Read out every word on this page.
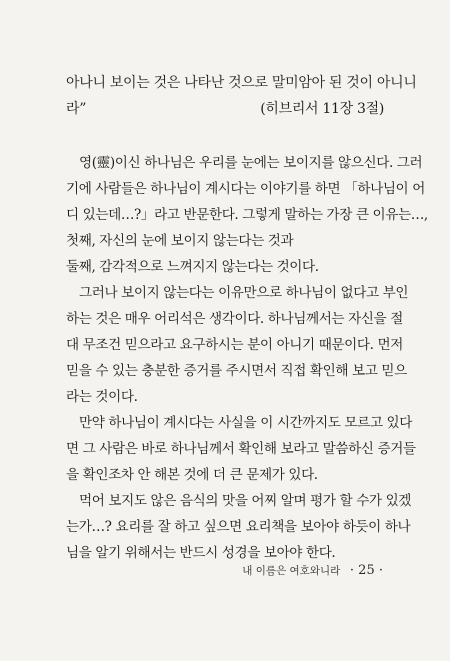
아나니 보이는 것은 나타난 것으로 말미암아 된 것이 아니니
라”	(히브리서 11장 3절)
영(靈)이신 하나님은 우리를 눈에는 보이지를 않으신다. 그러
기에 사람들은 하나님이 계시다는 이야기를 하면 「하나님이 어
디 있는데…?」라고 반문한다. 그렇게 말하는 가장 큰 이유는…,
첫째, 자신의 눈에 보이지 않는다는 것과
둘째, 감각적으로 느껴지지 않는다는 것이다.
그러나 보이지 않는다는 이유만으로 하나님이 없다고 부인
하는 것은 매우 어리석은 생각이다. 하나님께서는 자신을 절
대 무조건 믿으라고 요구하시는 분이 아니기 때문이다. 먼저
믿을 수 있는 충분한 증거를 주시면서 직접 확인해 보고 믿으
라는 것이다.
만약 하나님이 계시다는 사실을 이 시간까지도 모르고 있다
면 그 사람은 바로 하나님께서 확인해 보라고 말씀하신 증거들
을 확인조차 안 해본 것에 더 큰 문제가 있다.
먹어 보지도 않은 음식의 맛을 어찌 알며 평가 할 수가 있겠
는가…? 요리를 잘 하고 싶으면 요리책을 보아야 하듯이 하나
님을 알기 위해서는 반드시 성경을 보아야 한다.
내 이름은 여호와니라 · 25 ·
